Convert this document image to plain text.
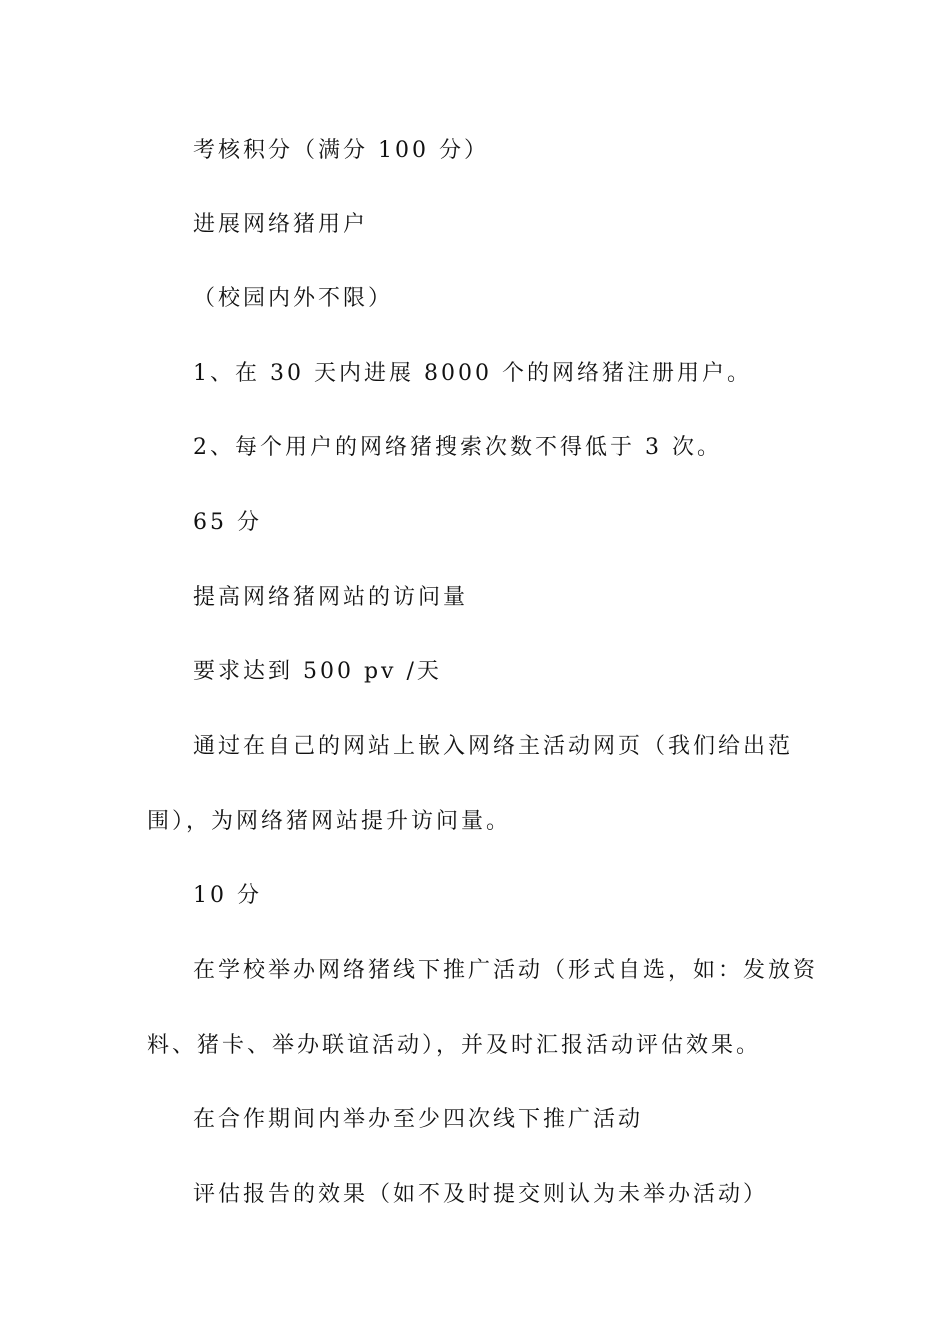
考核积分（满分 100 分）

进展网络猪用户

（校园内外不限）

1、在 30 天内进展 8000 个的网络猪注册用户。

2、每个用户的网络猪搜索次数不得低于 3 次。

65 分

提高网络猪网站的访问量

要求达到 500 pv /天

通过在自己的网站上嵌入网络主活动网页（我们给出范

围），为网络猪网站提升访问量。

10 分

在学校举办网络猪线下推广活动（形式自选，如：发放资

料、猪卡、举办联谊活动），并及时汇报活动评估效果。

在合作期间内举办至少四次线下推广活动

评估报告的效果（如不及时提交则认为未举办活动）
